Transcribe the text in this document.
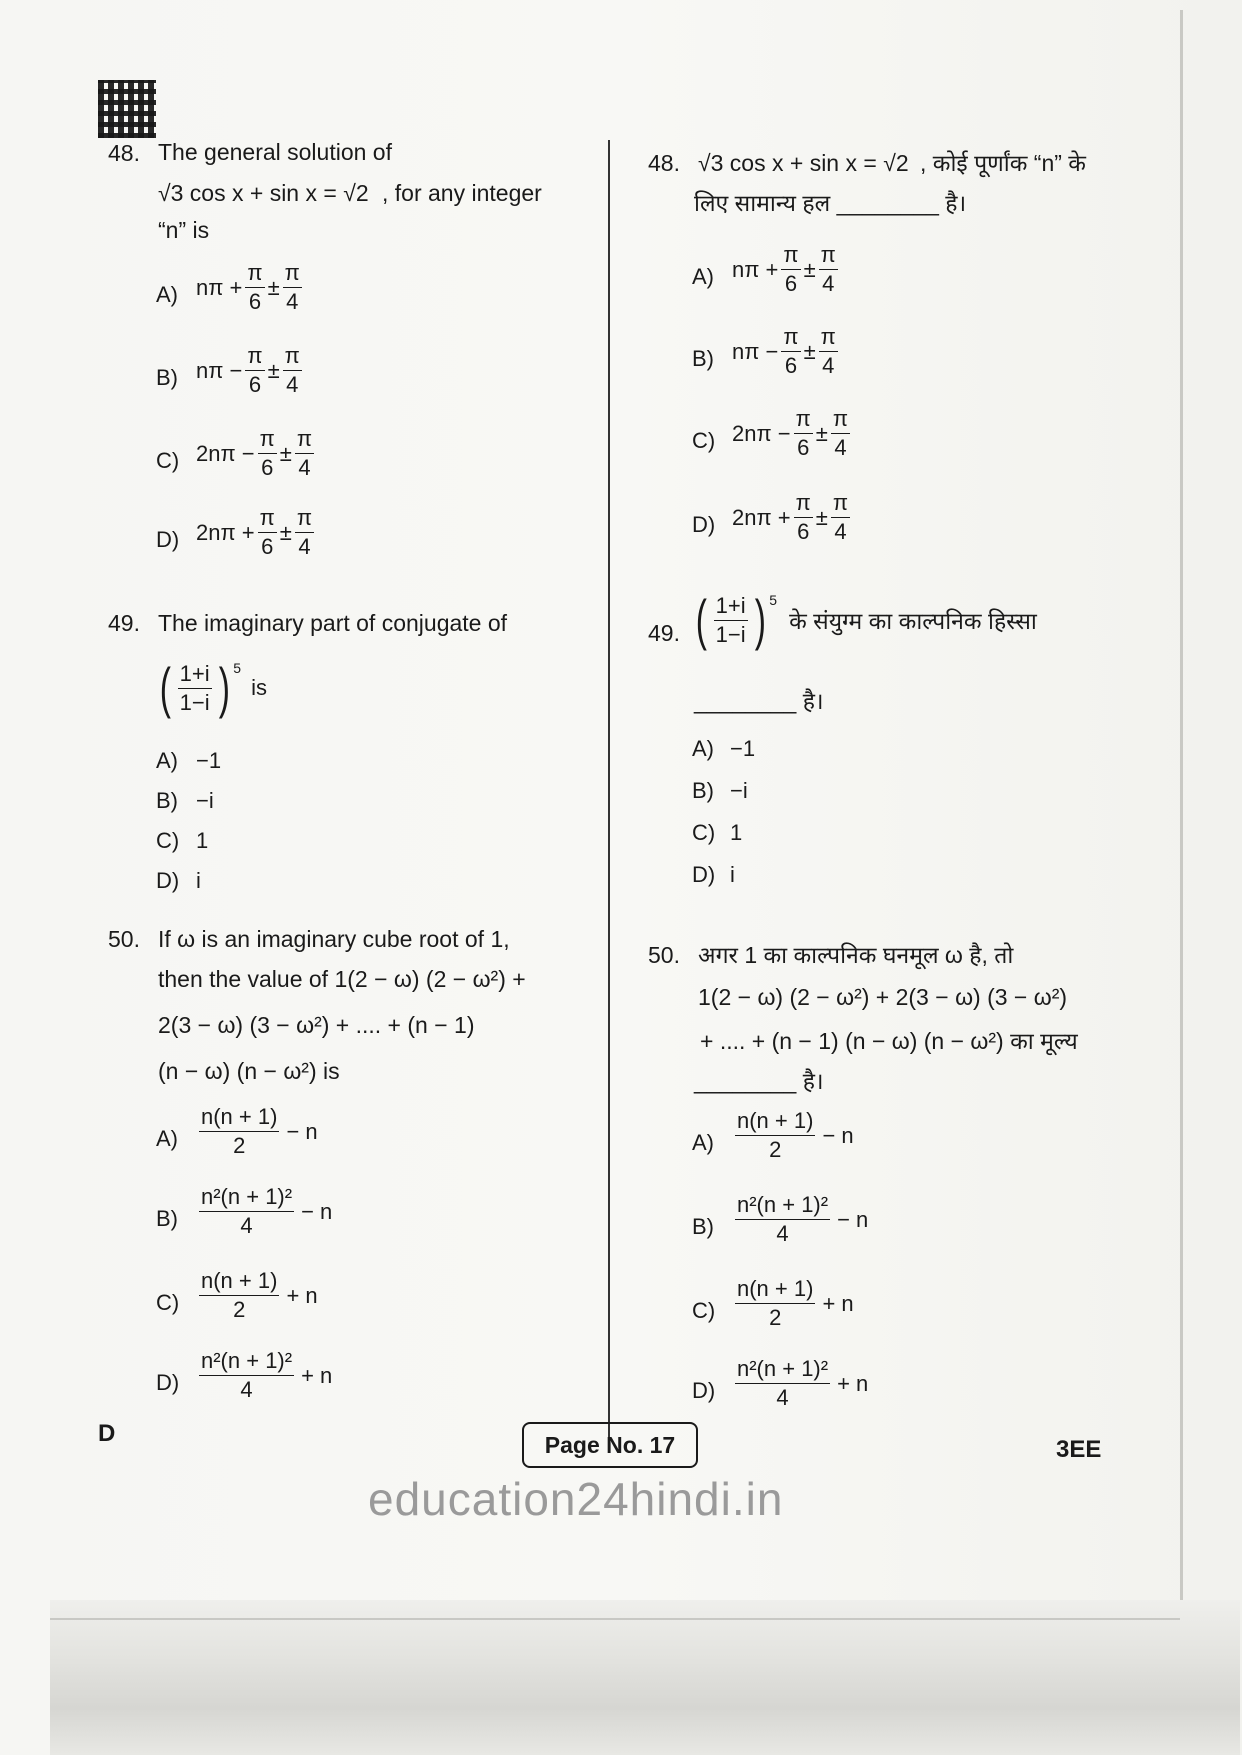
48. The general solution of
√3 cos x + sin x = √2 , for any integer
“n” is
A) $n\pi + \frac{\pi}{6} \pm \frac{\pi}{4}$
B) $n\pi - \frac{\pi}{6} \pm \frac{\pi}{4}$
C) $2n\pi - \frac{\pi}{6} \pm \frac{\pi}{4}$
D) $2n\pi + \frac{\pi}{6} \pm \frac{\pi}{4}$
49. The imaginary part of conjugate of
( $\frac{1+i}{1-i}$ ) 5
is
A) −1
B) −i
C) 1
D) i
50. If ω is an imaginary cube root of 1,
then the value of 1(2 − ω) (2 − ω²) +
2(3 − ω) (3 − ω²) + .... + (n − 1)
(n − ω) (n − ω²) is
$A) \frac{n(n + 1)}{2} - n$
$B) \frac{\text{n²(n + 1)²}}{4} - n$
$C) \frac{n(n + 1)}{2} + n$
$D) \frac{\text{n²(n + 1)²}}{4} + n$
48. √3 cos x + sin x = √2 , कोई पूर्णांक “n” के
लिए सामान्य हल ________ है।
A) $n\pi + \frac{\pi}{6} \pm \frac{\pi}{4}$
B) $n\pi - \frac{\pi}{6} \pm \frac{\pi}{4}$
C) $2n\pi - \frac{\pi}{6} \pm \frac{\pi}{4}$
D) $2n\pi + \frac{\pi}{6} \pm \frac{\pi}{4}$
49. ( $\frac{1+i}{1-i}$ ) 5
के संयुग्म का काल्पनिक हिस्सा
________ है।
A) −1
B) −i
C) 1
D) i
50. अगर 1 का काल्पनिक घनमूल ω है, तो
1(2 − ω) (2 − ω²) + 2(3 − ω) (3 − ω²)
+ .... + (n − 1) (n − ω) (n − ω²) का मूल्य
________ है।
$A) \frac{n(n + 1)}{2} - n$
$B) \frac{\text{n²(n + 1)²}}{4} - n$
$C) \frac{n(n + 1)}{2} + n$
$D) \frac{\text{n²(n + 1)²}}{4} + n$
D	Page No. 17	3EE
education24hindi.in
